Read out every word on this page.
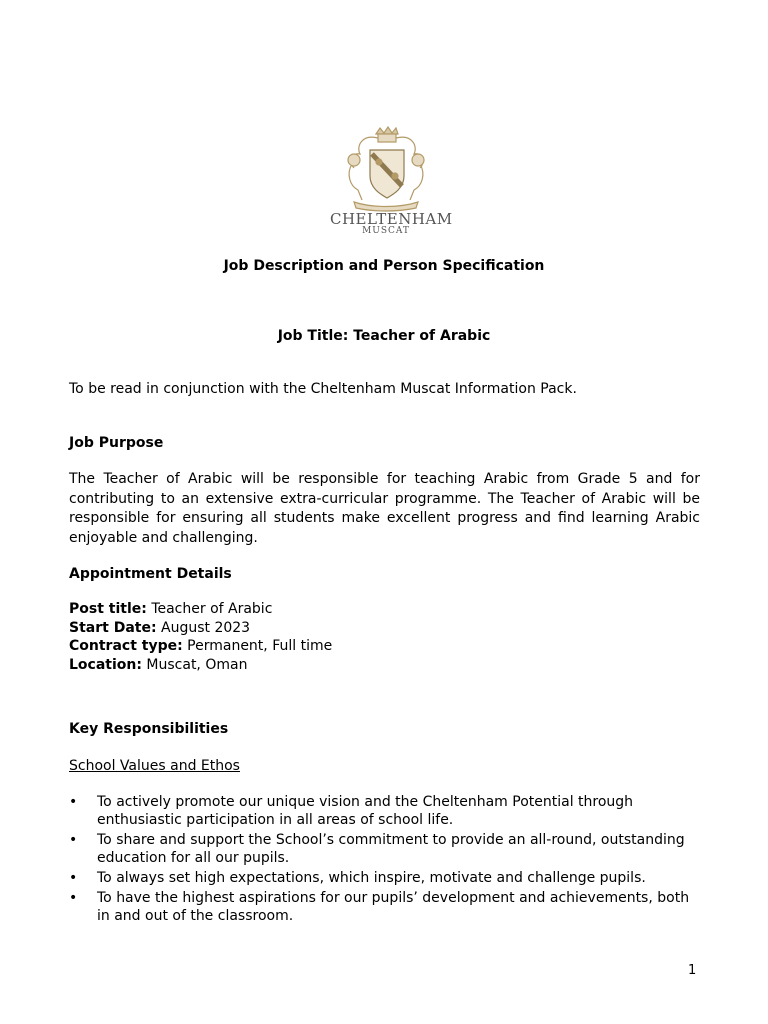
CHELTENHAM
MUSCAT
Job Description and Person Specification
Job Title: Teacher of Arabic
To be read in conjunction with the Cheltenham Muscat Information Pack.
Job Purpose
The Teacher of Arabic will be responsible for teaching Arabic from Grade 5 and for contributing to an extensive extra-curricular programme. The Teacher of Arabic will be responsible for ensuring all students make excellent progress and find learning Arabic enjoyable and challenging.
Appointment Details
Post title: Teacher of Arabic
Start Date: August 2023
Contract type: Permanent, Full time
Location: Muscat, Oman
Key Responsibilities
School Values and Ethos
• To actively promote our unique vision and the Cheltenham Potential through enthusiastic participation in all areas of school life.
• To share and support the School’s commitment to provide an all-round, outstanding education for all our pupils.
• To always set high expectations, which inspire, motivate and challenge pupils.
• To have the highest aspirations for our pupils’ development and achievements, both in and out of the classroom.
1
